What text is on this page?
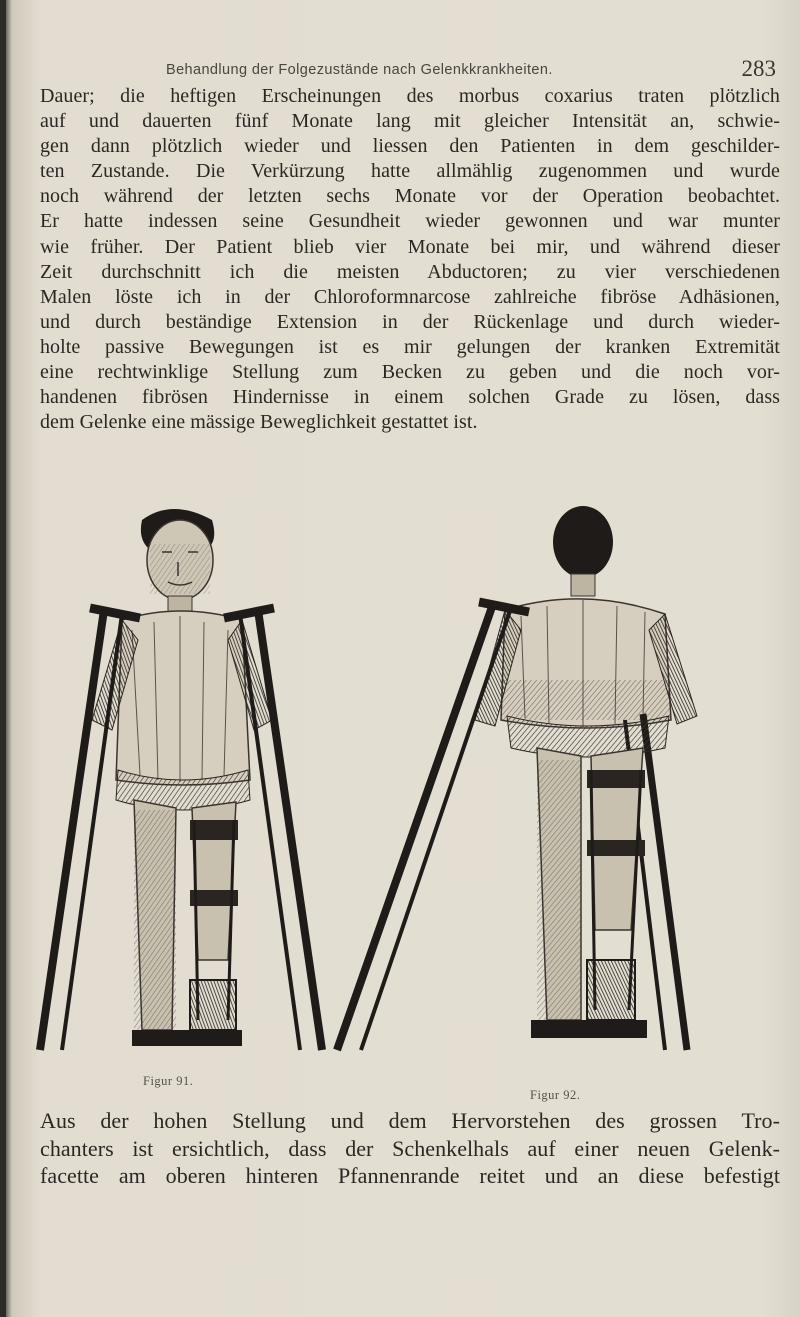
Behandlung der Folgezustände nach Gelenkkrankheiten.	283
Dauer; die heftigen Erscheinungen des morbus coxarius traten plötzlich
auf und dauerten fünf Monate lang mit gleicher Intensität an, schwie-
gen dann plötzlich wieder und liessen den Patienten in dem geschilder-
ten Zustande. Die Verkürzung hatte allmählig zugenommen und wurde
noch während der letzten sechs Monate vor der Operation beobachtet.
Er hatte indessen seine Gesundheit wieder gewonnen und war munter
wie früher. Der Patient blieb vier Monate bei mir, und während dieser
Zeit durchschnitt ich die meisten Abductoren; zu vier verschiedenen
Malen löste ich in der Chloroformnarcose zahlreiche fibröse Adhäsionen,
und durch beständige Extension in der Rückenlage und durch wieder-
holte passive Bewegungen ist es mir gelungen der kranken Extremität
eine rechtwinklige Stellung zum Becken zu geben und die noch vor-
handenen fibrösen Hindernisse in einem solchen Grade zu lösen, dass
dem Gelenke eine mässige Beweglichkeit gestattet ist.
Figur 91.
Figur 92.
Aus der hohen Stellung und dem Hervorstehen des grossen Tro-
chanters ist ersichtlich, dass der Schenkelhals auf einer neuen Gelenk-
facette am oberen hinteren Pfannenrande reitet und an diese befestigt
